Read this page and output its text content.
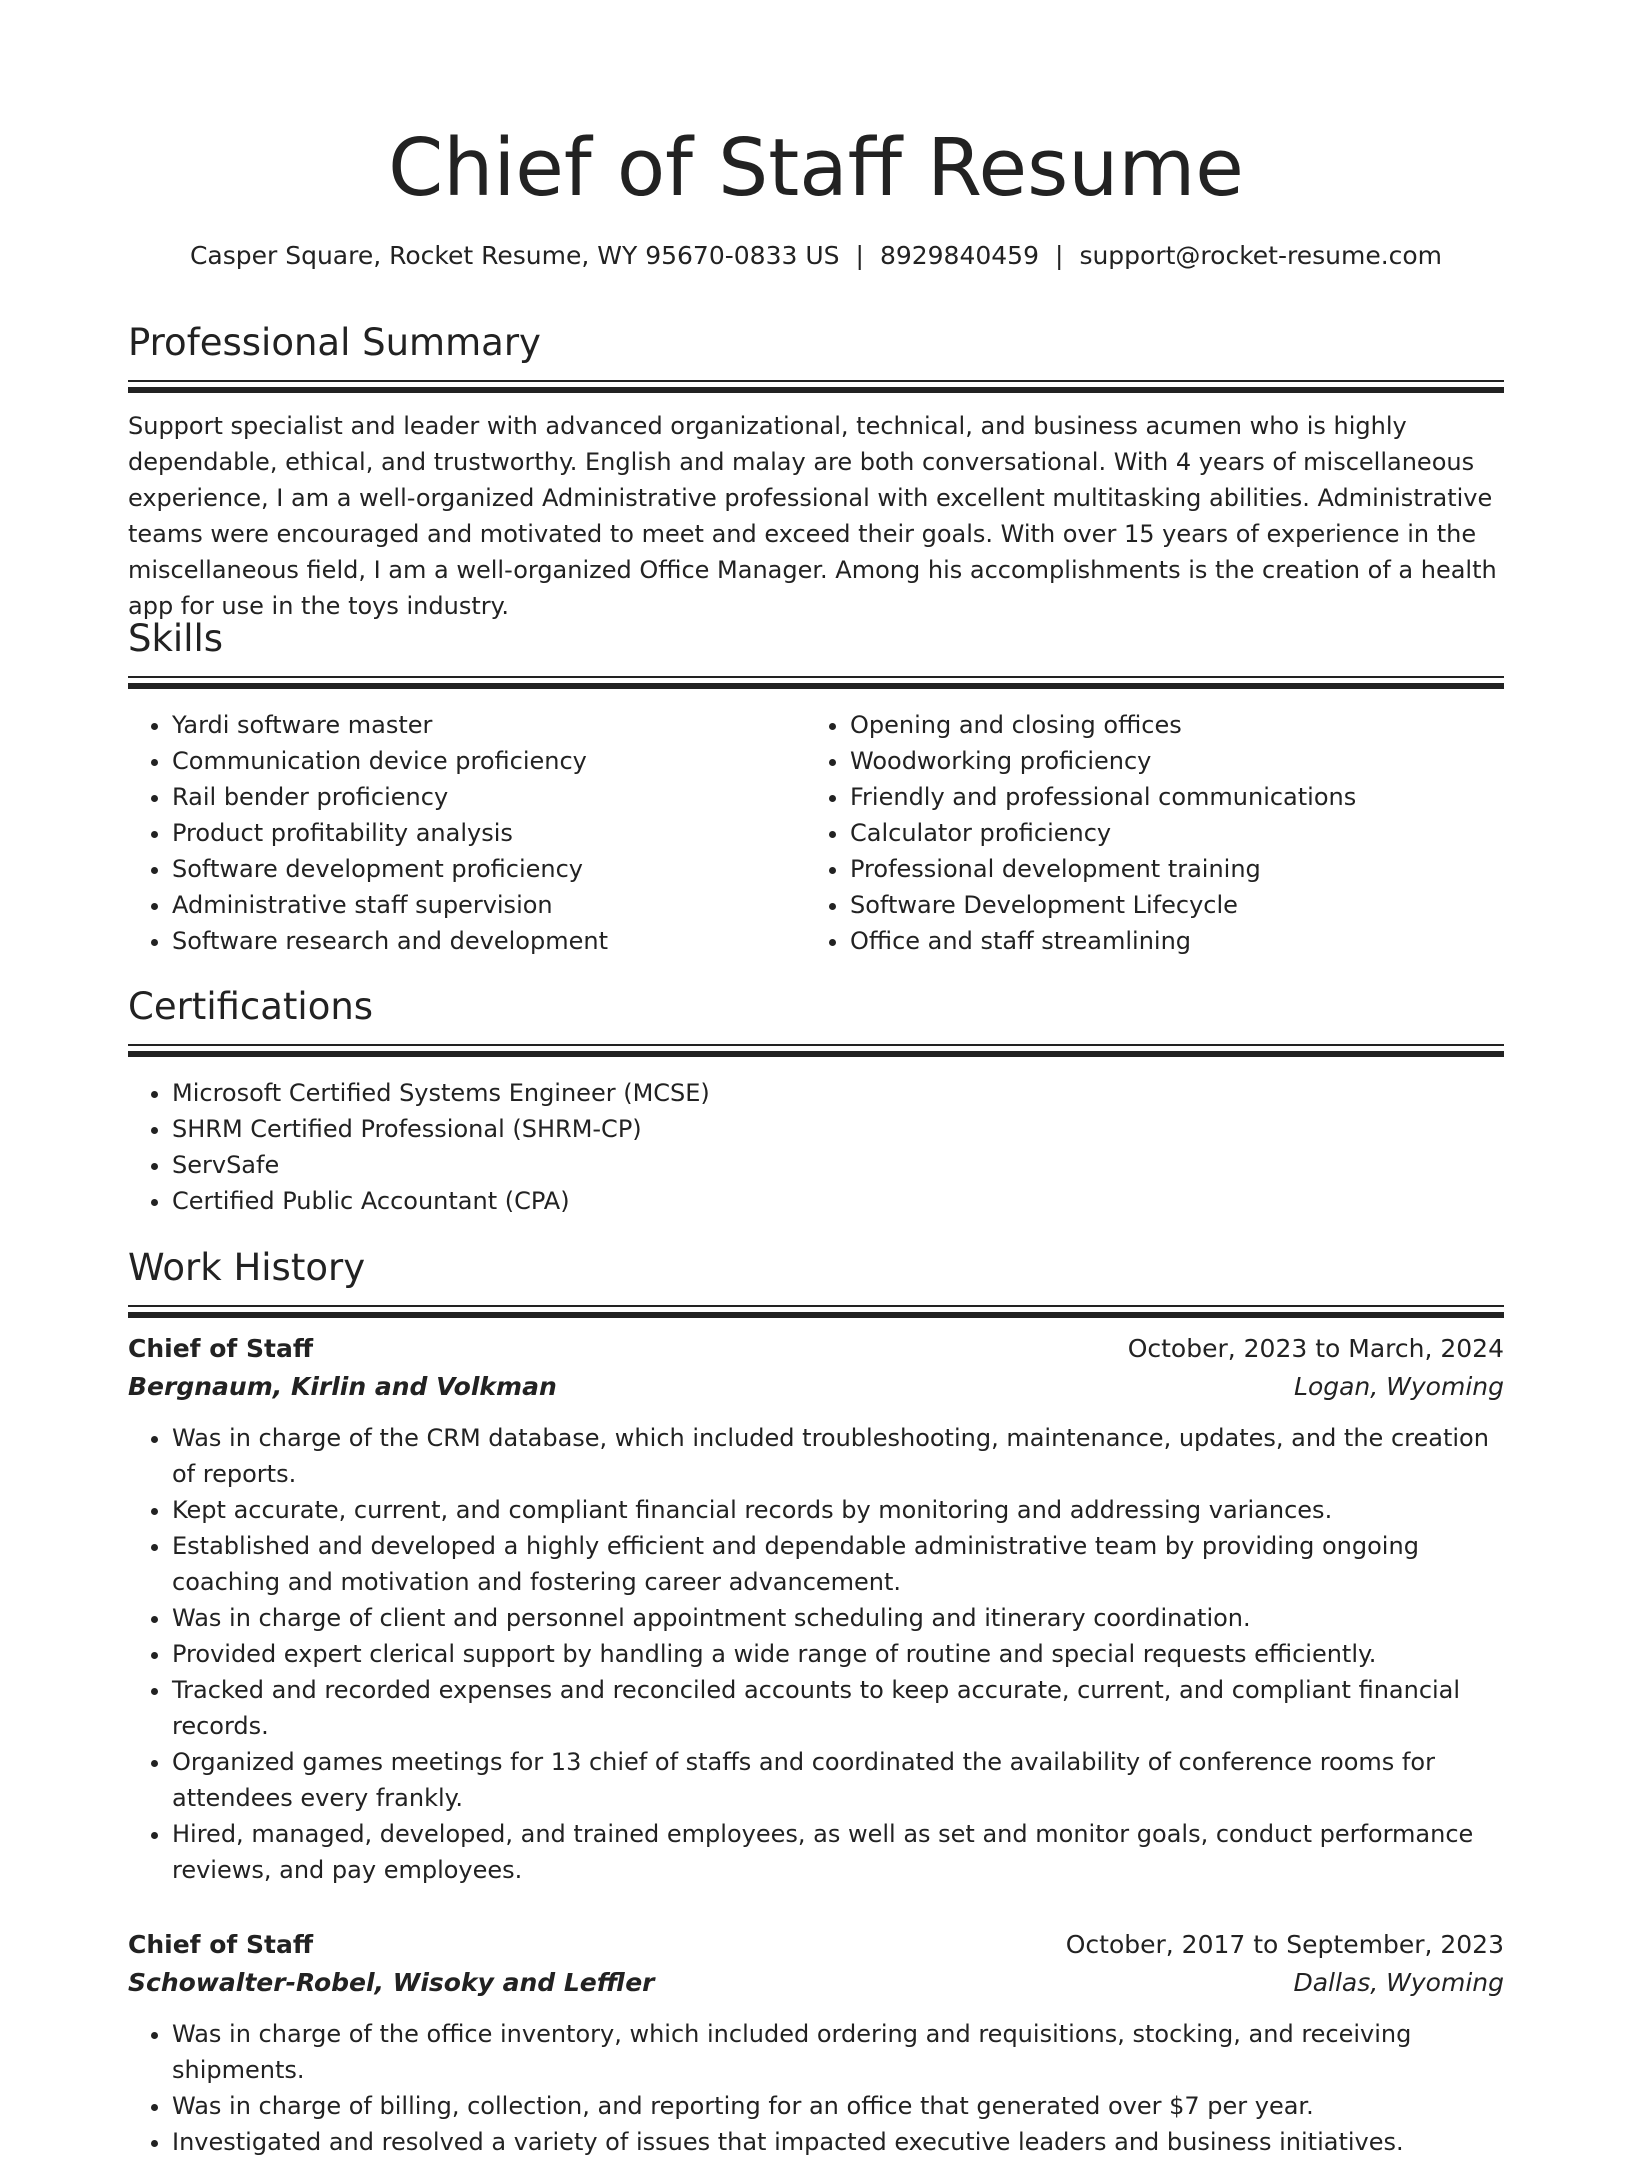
Chief of Staff Resume
Casper Square, Rocket Resume, WY 95670-0833 US | 8929840459 | support@rocket-resume.com
Professional Summary
Support specialist and leader with advanced organizational, technical, and business acumen who is highly dependable, ethical, and trustworthy. English and malay are both conversational. With 4 years of miscellaneous experience, I am a well-organized Administrative professional with excellent multitasking abilities. Administrative teams were encouraged and motivated to meet and exceed their goals. With over 15 years of experience in the miscellaneous field, I am a well-organized Office Manager. Among his accomplishments is the creation of a health app for use in the toys industry.
Skills
• Yardi software master
• Communication device proficiency
• Rail bender proficiency
• Product profitability analysis
• Software development proficiency
• Administrative staff supervision
• Software research and development
• Opening and closing offices
• Woodworking proficiency
• Friendly and professional communications
• Calculator proficiency
• Professional development training
• Software Development Lifecycle
• Office and staff streamlining
Certifications
• Microsoft Certified Systems Engineer (MCSE)
• SHRM Certified Professional (SHRM-CP)
• ServSafe
• Certified Public Accountant (CPA)
Work History
Chief of Staff	October, 2023 to March, 2024
Bergnaum, Kirlin and Volkman	Logan, Wyoming
• Was in charge of the CRM database, which included troubleshooting, maintenance, updates, and the creation of reports.
• Kept accurate, current, and compliant financial records by monitoring and addressing variances.
• Established and developed a highly efficient and dependable administrative team by providing ongoing coaching and motivation and fostering career advancement.
• Was in charge of client and personnel appointment scheduling and itinerary coordination.
• Provided expert clerical support by handling a wide range of routine and special requests efficiently.
• Tracked and recorded expenses and reconciled accounts to keep accurate, current, and compliant financial records.
• Organized games meetings for 13 chief of staffs and coordinated the availability of conference rooms for attendees every frankly.
• Hired, managed, developed, and trained employees, as well as set and monitor goals, conduct performance reviews, and pay employees.
Chief of Staff	October, 2017 to September, 2023
Schowalter-Robel, Wisoky and Leffler	Dallas, Wyoming
• Was in charge of the office inventory, which included ordering and requisitions, stocking, and receiving shipments.
• Was in charge of billing, collection, and reporting for an office that generated over $7 per year.
• Investigated and resolved a variety of issues that impacted executive leaders and business initiatives.
